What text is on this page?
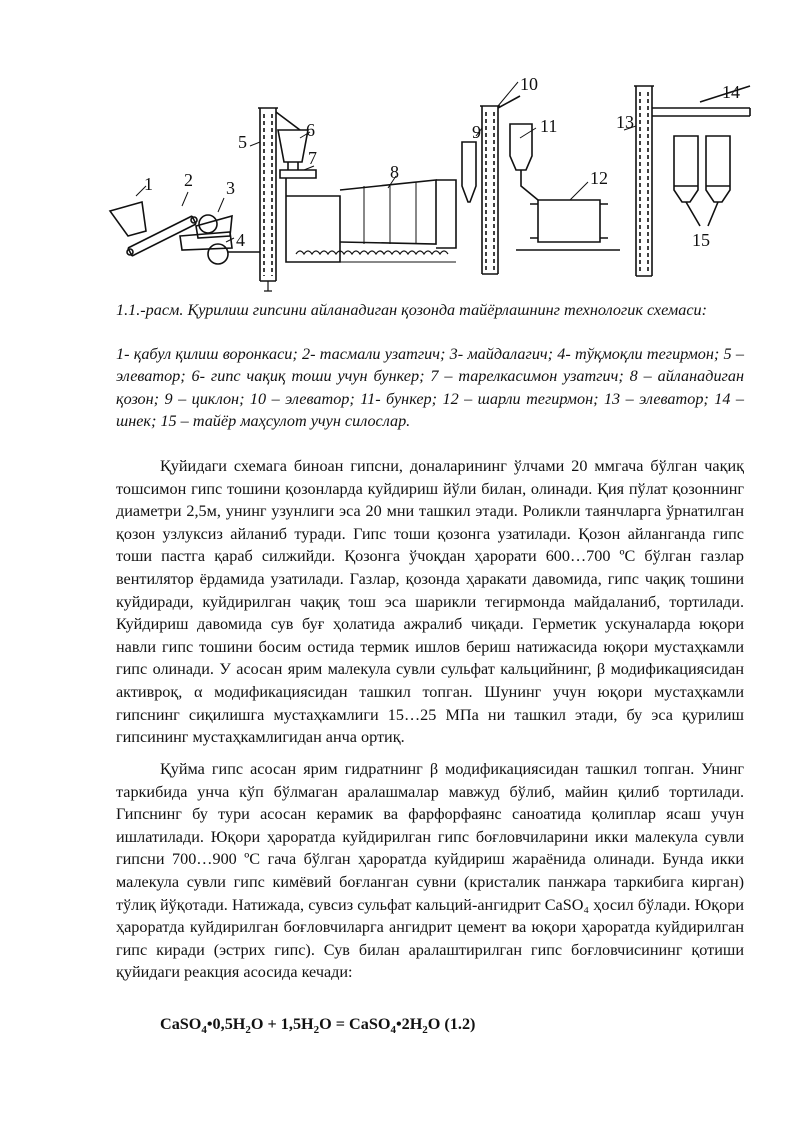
1 2 3
4
5
6
7
8
9
10
11
12
13
14
15
1.1.-расм. Қурилиш гипсини айланадиган қозонда тайёрлашнинг технологик схемаси:
1- қабул қилиш воронкаси; 2- тасмали узатгич; 3- майдалагич; 4- тўқмоқли тегирмон; 5 – элеватор; 6- гипс чақиқ тоши учун бункер; 7 – тарелкасимон узатгич; 8 – айланадиган қозон; 9 – циклон; 10 – элеватор; 11- бункер; 12 – шарли тегирмон; 13 – элеватор; 14 –шнек; 15 – тайёр маҳсулот учун силослар.

Қуйидаги схемага биноан гипсни, доналарининг ўлчами 20 ммгача бўлган чақиқ тошсимон гипс тошини қозонларда куйдириш йўли билан, олинади. Қия пўлат қозоннинг диаметри 2,5м, унинг узунлиги эса 20 мни ташкил этади. Роликли таянчларга ўрнатилган қозон узлуксиз айланиб туради. Гипс тоши қозонга узатилади. Қозон айланганда гипс тоши пастга қараб силжийди. Қозонга ўчоқдан ҳарорати 600…700 ºС бўлган газлар вентилятор ёрдамида узатилади. Газлар, қозонда ҳаракати давомида, гипс чақиқ тошини куйдиради, куйдирилган чақиқ тош эса шарикли тегирмонда майдаланиб, тортилади. Куйдириш давомида сув буғ ҳолатида ажралиб чиқади. Герметик ускуналарда юқори навли гипс тошини босим остида термик ишлов бериш натижасида юқори мустаҳкамли гипс олинади. У асосан ярим малекула сувли сульфат кальцийнинг, β модификациясидан активроқ, α модификациясидан ташкил топган. Шунинг учун юқори мустаҳкамли гипснинг сиқилишга мустаҳкамлиги 15…25 МПа ни ташкил этади, бу эса қурилиш гипсининг мустаҳкамлигидан анча ортиқ.

Қуйма гипс асосан ярим гидратнинг β модификациясидан ташкил топган. Унинг таркибида унча кўп бўлмаган аралашмалар мавжуд бўлиб, майин қилиб тортилади. Гипснинг бу тури асосан керамик ва фарфорфаянс саноатида қолиплар ясаш учун ишлатилади. Юқори ҳароратда куйдирилган гипс боғловчиларини икки малекула сувли гипсни 700…900 ºС гача бўлган ҳароратда куйдириш жараёнида олинади. Бунда икки малекула сувли гипс кимёвий боғланган сувни (кристалик панжара таркибига кирган) тўлиқ йўқотади. Натижада, сувсиз сульфат кальций-ангидрит CaSO₄ ҳосил бўлади. Юқори ҳароратда куйдирилган боғловчиларга ангидрит цемент ва юқори ҳароратда куйдирилган гипс киради (эстрих гипс). Сув билан аралаштирилган гипс боғловчисининг қотиши қуйидаги реакция асосида кечади:

$CaSO_4•0,5H_2O + 1,5H_2O$ = $CaSO_4•2H_2O$ (1.2)
